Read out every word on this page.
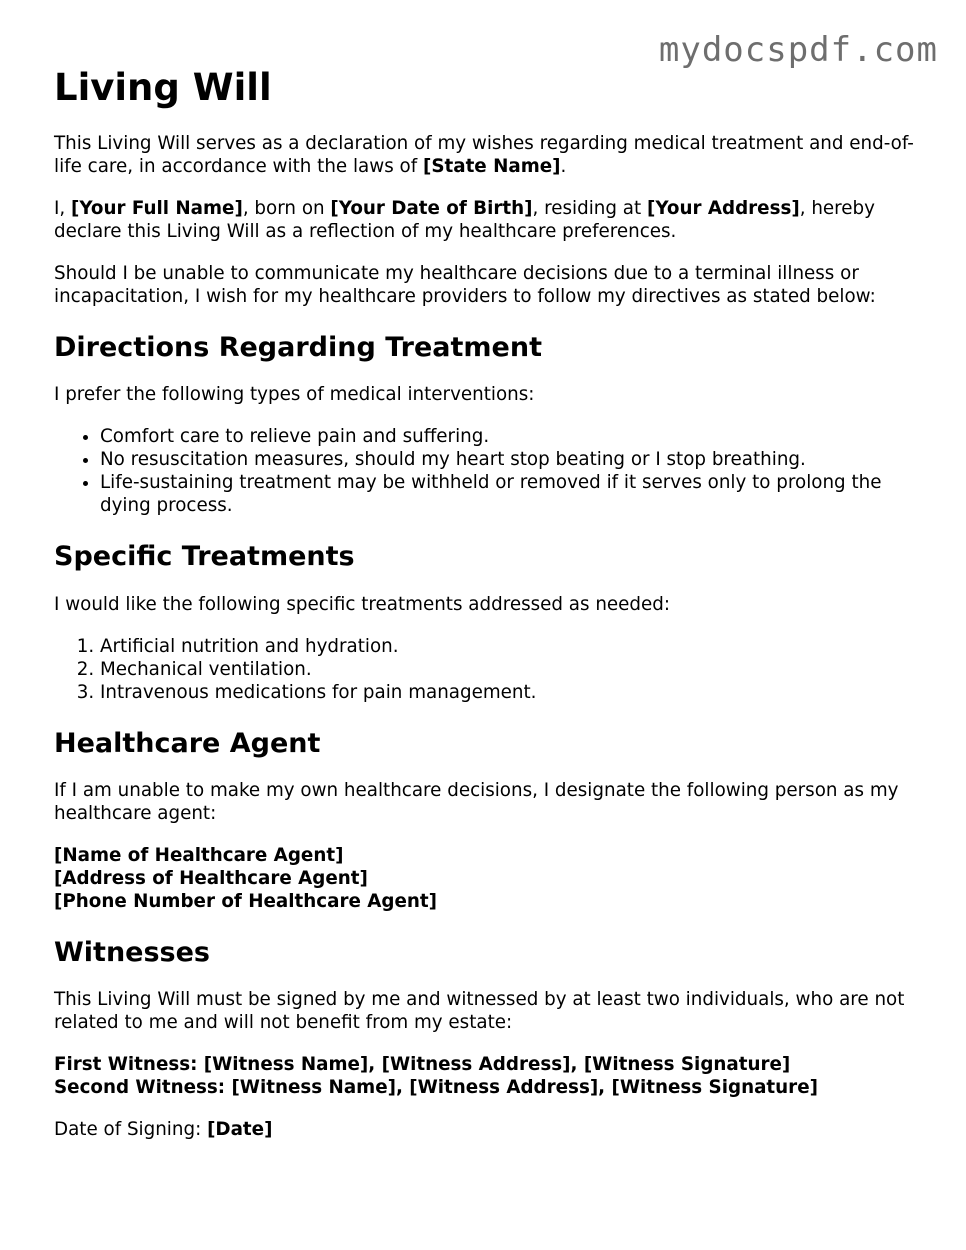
mydocspdf.com
Living Will

This Living Will serves as a declaration of my wishes regarding medical treatment and end-of-life care, in accordance with the laws of [State Name].

I, [Your Full Name], born on [Your Date of Birth], residing at [Your Address], hereby declare this Living Will as a reflection of my healthcare preferences.

Should I be unable to communicate my healthcare decisions due to a terminal illness or incapacitation, I wish for my healthcare providers to follow my directives as stated below:

Directions Regarding Treatment

I prefer the following types of medical interventions:

• Comfort care to relieve pain and suffering.
• No resuscitation measures, should my heart stop beating or I stop breathing.
• Life-sustaining treatment may be withheld or removed if it serves only to prolong the dying process.
Specific Treatments

I would like the following specific treatments addressed as needed:

1. Artificial nutrition and hydration.
2. Mechanical ventilation.
3. Intravenous medications for pain management.
Healthcare Agent

If I am unable to make my own healthcare decisions, I designate the following person as my healthcare agent:

[Name of Healthcare Agent]
[Address of Healthcare Agent]
[Phone Number of Healthcare Agent]
Witnesses

This Living Will must be signed by me and witnessed by at least two individuals, who are not related to me and will not benefit from my estate:

First Witness: [Witness Name], [Witness Address], [Witness Signature]
Second Witness: [Witness Name], [Witness Address], [Witness Signature]

Date of Signing: [Date]
